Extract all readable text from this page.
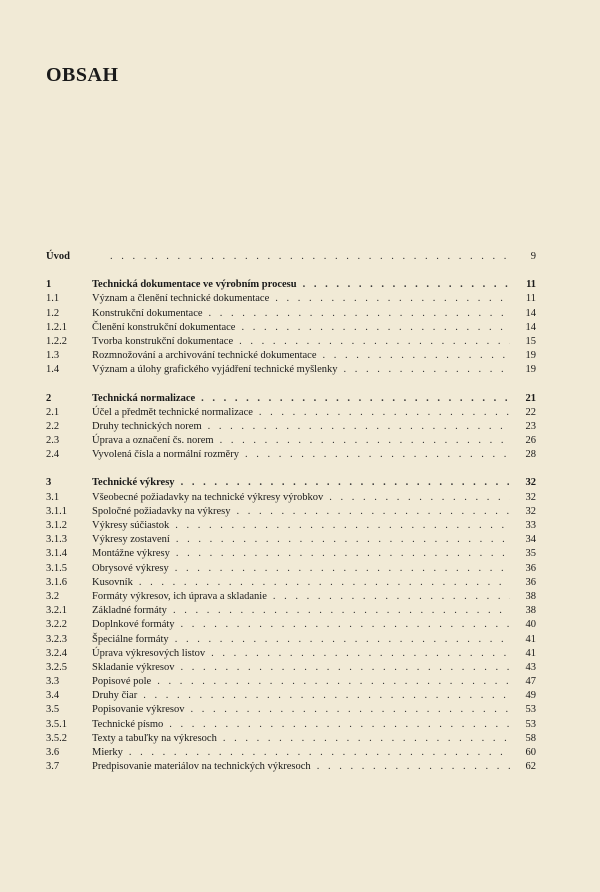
OBSAH
Úvod . . .	9
1	Technická dokumentace ve výrobním procesu . . .	11
1.1	Význam a členění technické dokumentace . . .	11
1.2	Konstrukční dokumentace . . .	14
1.2.1	Členění konstrukční dokumentace . . .	14
1.2.2	Tvorba konstrukční dokumentace . . .	15
1.3	Rozmnožování a archivování technické dokumentace . . .	19
1.4	Význam a úlohy grafického vyjádření technické myšlenky . . .	19
2	Technická normalizace . . .	21
2.1	Účel a předmět technické normalizace . . .	22
2.2	Druhy technických norem . . .	23
2.3	Úprava a označení čs. norem . . .	26
2.4	Vyvolená čísla a normální rozměry . . .	28
3	Technické výkresy . . .	32
3.1	Všeobecné požiadavky na technické výkresy výrobkov . . .	32
3.1.1	Spoločné požiadavky na výkresy . . .	32
3.1.2	Výkresy súčiastok . . .	33
3.1.3	Výkresy zostavení . . .	34
3.1.4	Montážne výkresy . . .	35
3.1.5	Obrysové výkresy . . .	36
3.1.6	Kusovník . . .	36
3.2	Formáty výkresov, ich úprava a skladanie . . .	38
3.2.1	Základné formáty . . .	38
3.2.2	Doplnkové formáty . . .	40
3.2.3	Špeciálne formáty . . .	41
3.2.4	Úprava výkresových listov . . .	41
3.2.5	Skladanie výkresov . . .	43
3.3	Popisové pole . . .	47
3.4	Druhy čiar . . .	49
3.5	Popisovanie výkresov . . .	53
3.5.1	Technické písmo . . .	53
3.5.2	Texty a tabuľky na výkresoch . . .	58
3.6	Mierky . . .	60
3.7	Predpisovanie materiálov na technických výkresoch . . .	62
